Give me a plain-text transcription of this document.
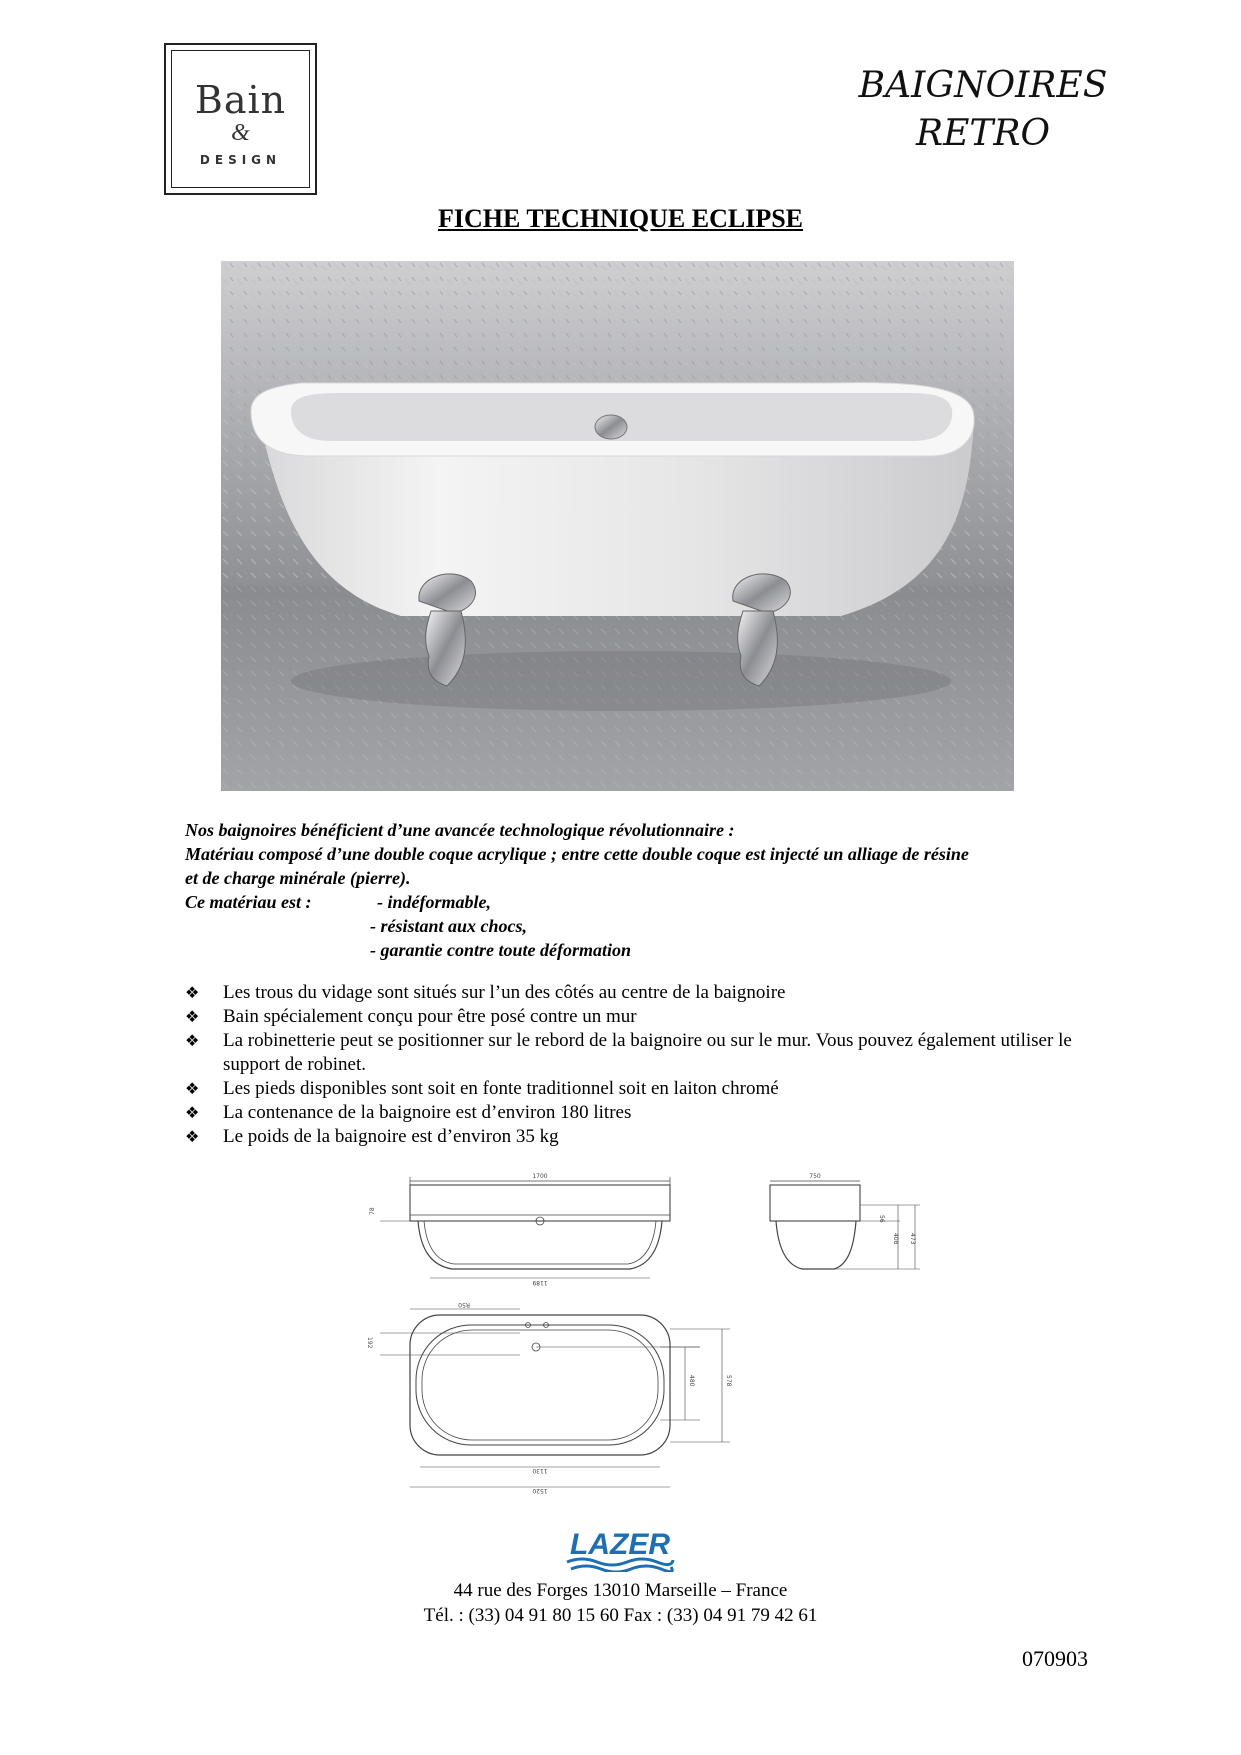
Bain
&
DESIGN
BAIGNOIRES
RETRO
FICHE TECHNIQUE ECLIPSE

Nos baignoires bénéficient d’une avancée technologique révolutionnaire :

Matériau composé d’une double coque acrylique ; entre cette double coque est injecté un alliage de résine

et de charge minérale (pierre).

Ce matériau est :	- indéformable,
- résistant aux chocs,
- garantie contre toute déformation
❖ Les trous du vidage sont situés sur l’un des côtés au centre de la baignoire
❖ Bain spécialement conçu pour être posé contre un mur
❖ La robinetterie peut se positionner sur le rebord de la baignoire ou sur le mur. Vous pouvez également utiliser le support de robinet.
❖ Les pieds disponibles sont soit en fonte traditionnel soit en laiton chromé
❖ La contenance de la baignoire est d’environ 180 litres
❖ Le poids de la baignoire est d’environ 35 kg
1700
78
1189
750
56
408 473
R50
192
480	578
1130
1520
LAZER

44 rue des Forges 13010 Marseille – France

Tél. : (33) 04 91 80 15 60 Fax : (33) 04 91 79 42 61

070903
